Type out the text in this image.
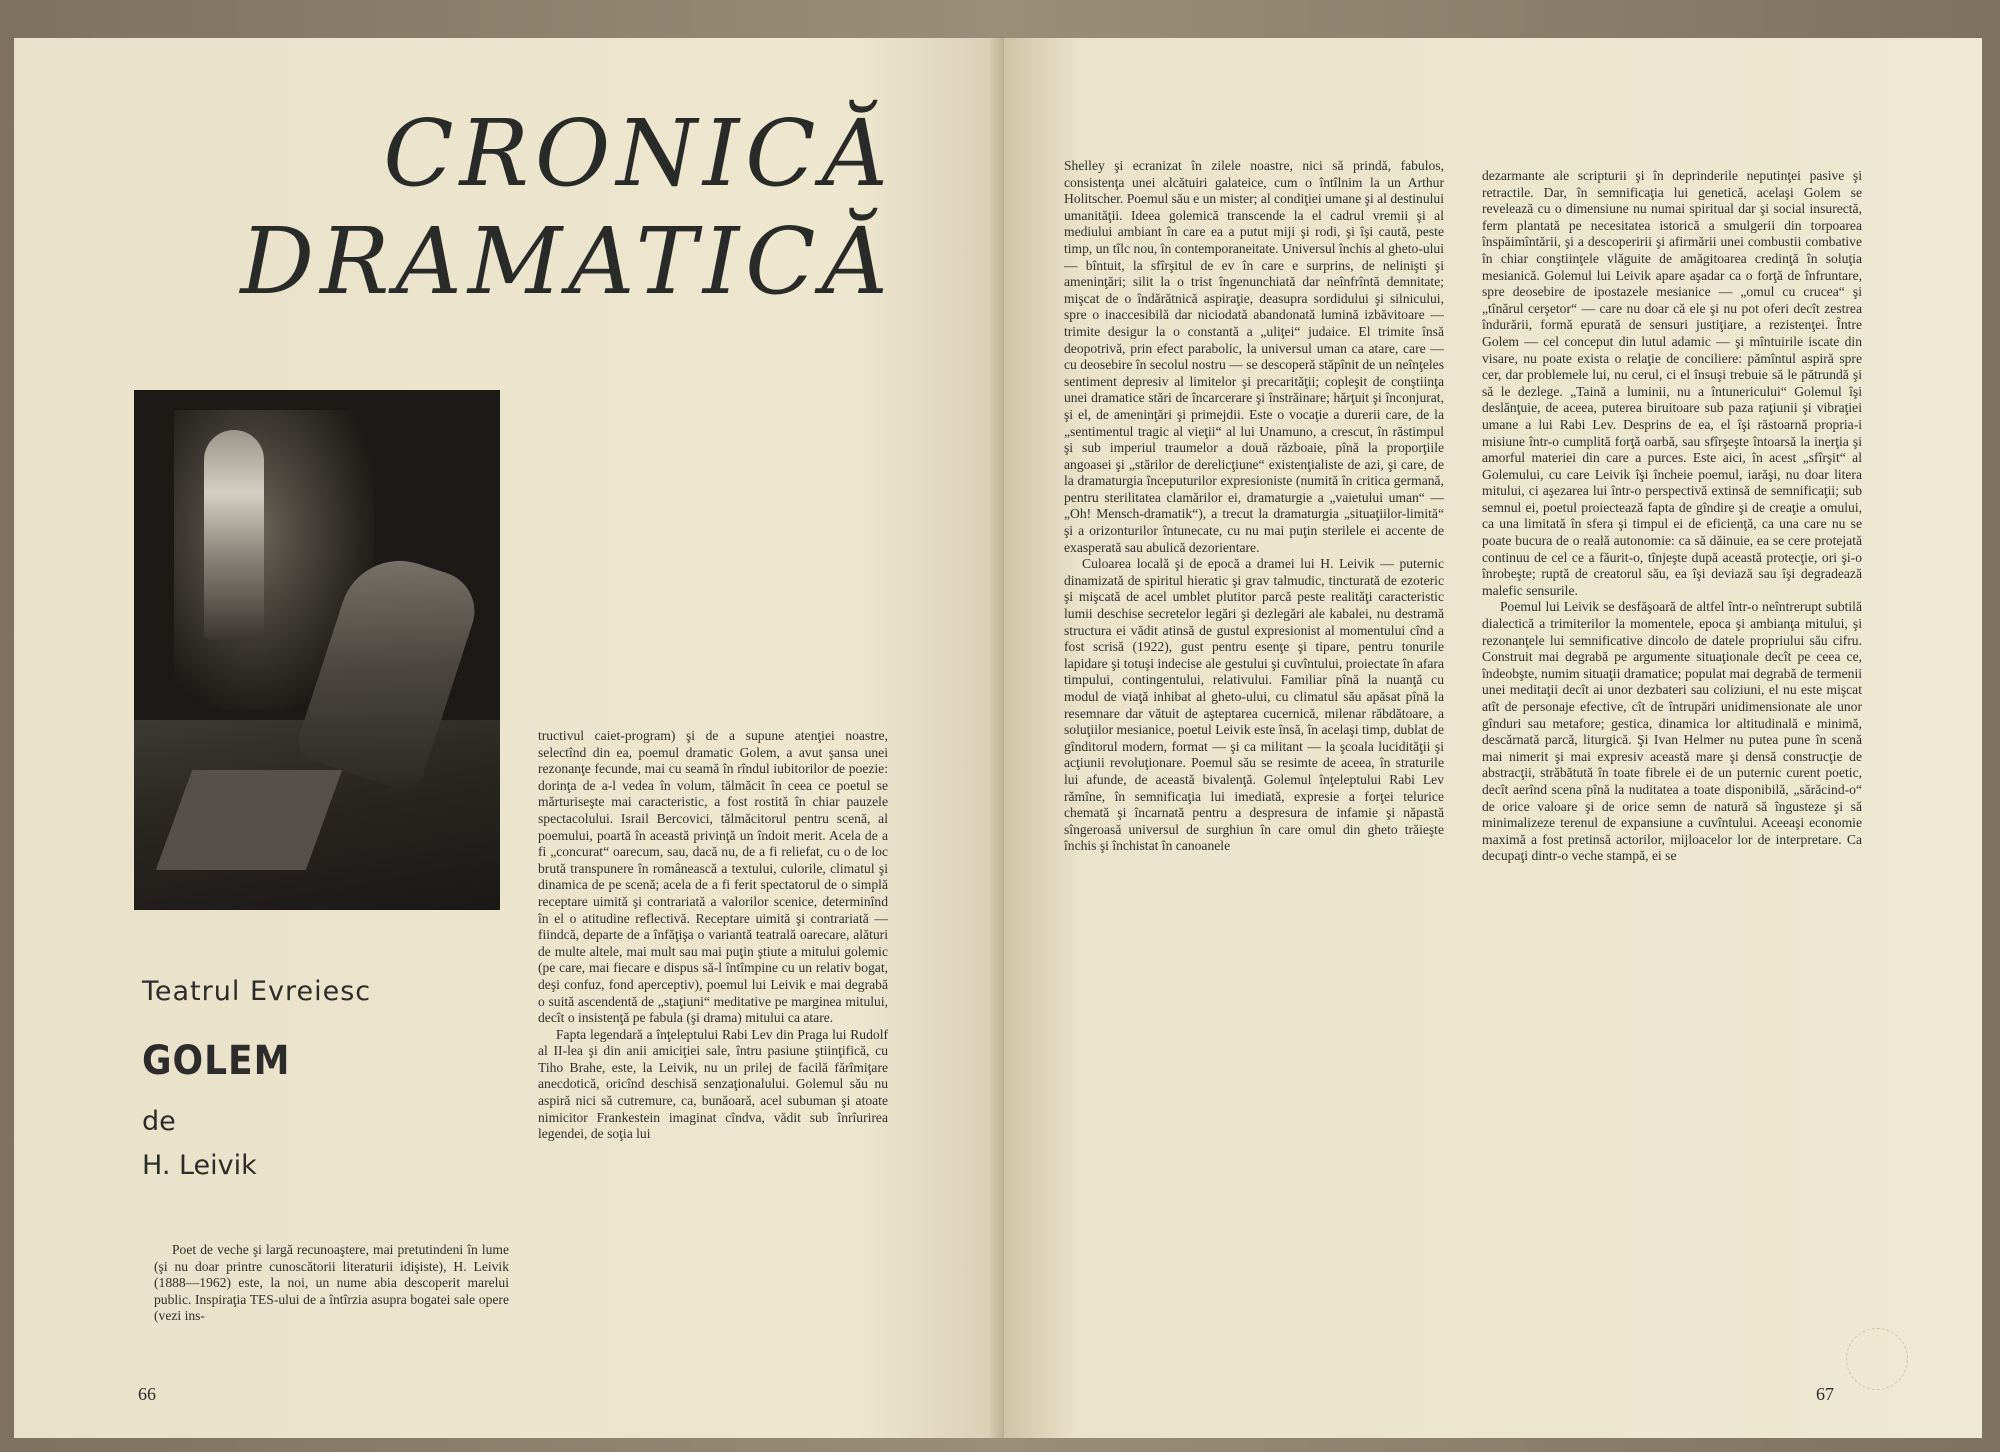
CRONICĂ
DRAMATICĂ
Teatrul Evreiesc
GOLEM
de
H. Leivik

Poet de veche şi largă recunoaştere, mai pretutindeni în lume (şi nu doar printre cunoscătorii literaturii idişiste), H. Leivik (1888—1962) este, la noi, un nume abia descoperit marelui public. Inspiraţia TES-ului de a întîrzia asupra bogatei sale opere (vezi ins-

tructivul caiet-program) şi de a supune atenţiei noastre, selectînd din ea, poemul dramatic Golem, a avut şansa unei rezonanţe fecunde, mai cu seamă în rîndul iubitorilor de poezie: dorinţa de a-l vedea în volum, tălmăcit în ceea ce poetul se mărturiseşte mai caracteristic, a fost rostită în chiar pauzele spectacolului. Israil Bercovici, tălmăcitorul pentru scenă, al poemului, poartă în această privinţă un îndoit merit. Acela de a fi „concurat“ oarecum, sau, dacă nu, de a fi reliefat, cu o de loc brută transpunere în românească a textului, culorile, climatul şi dinamica de pe scenă; acela de a fi ferit spectatorul de o simplă receptare uimită şi contrariată a valorilor scenice, determinînd în el o atitudine reflectivă. Receptare uimită şi contrariată — fiindcă, departe de a înfăţişa o variantă teatrală oarecare, alături de multe altele, mai mult sau mai puţin ştiute a mitului golemic (pe care, mai fiecare e dispus să-l întîmpine cu un relativ bogat, deşi confuz, fond aperceptiv), poemul lui Leivik e mai degrabă o suită ascendentă de „staţiuni“ meditative pe marginea mitului, decît o insistenţă pe fabula (şi drama) mitului ca atare.

Fapta legendară a înţeleptului Rabi Lev din Praga lui Rudolf al II-lea şi din anii amiciţiei sale, întru pasiune ştiinţifică, cu Tiho Brahe, este, la Leivik, nu un prilej de facilă fărîmiţare anecdotică, oricînd deschisă senzaţionalului. Golemul său nu aspiră nici să cutremure, ca, bunăoară, acel subuman şi atoate nimicitor Frankestein imaginat cîndva, vădit sub înrîurirea legendei, de soţia lui

66

Shelley şi ecranizat în zilele noastre, nici să prindă, fabulos, consistenţa unei alcătuiri galateice, cum o întîlnim la un Arthur Holitscher. Poemul său e un mister; al condiţiei umane şi al destinului umanităţii. Ideea golemică transcende la el cadrul vremii şi al mediului ambiant în care ea a putut miji şi rodi, şi îşi caută, peste timp, un tîlc nou, în contemporaneitate. Universul închis al gheto-ului — bîntuit, la sfîrşitul de ev în care e surprins, de nelinişti şi ameninţări; silit la o trist îngenunchiată dar neînfrîntă demnitate; mişcat de o îndărătnică aspiraţie, deasupra sordidului şi silnicului, spre o inaccesibilă dar niciodată abandonată lumină izbăvitoare — trimite desigur la o constantă a „uliţei“ judaice. El trimite însă deopotrivă, prin efect parabolic, la universul uman ca atare, care — cu deosebire în secolul nostru — se descoperă stăpînit de un neînţeles sentiment depresiv al limitelor şi precarităţii; copleşit de conştiinţa unei dramatice stări de încarcerare şi înstrăinare; hărţuit şi înconjurat, şi el, de ameninţări şi primejdii. Este o vocaţie a durerii care, de la „sentimentul tragic al vieţii“ al lui Unamuno, a crescut, în răstimpul şi sub imperiul traumelor a două războaie, pînă la proporţiile angoasei şi „stărilor de derelicţiune“ existenţialiste de azi, şi care, de la dramaturgia începuturilor expresioniste (numită în critica germană, pentru sterilitatea clamărilor ei, dramaturgie a „vaietului uman“ — „Oh! Mensch-dramatik“), a trecut la dramaturgia „situaţiilor-limită“ şi a orizonturilor întunecate, cu nu mai puţin sterilele ei accente de exasperată sau abulică dezorientare.

Culoarea locală şi de epocă a dramei lui H. Leivik — puternic dinamizată de spiritul hieratic şi grav talmudic, tincturată de ezoteric şi mişcată de acel umblet plutitor parcă peste realităţi caracteristic lumii deschise secretelor legări şi dezlegări ale kabalei, nu destramă structura ei vădit atinsă de gustul expresionist al momentului cînd a fost scrisă (1922), gust pentru esenţe şi tipare, pentru tonurile lapidare şi totuşi indecise ale gestului şi cuvîntului, proiectate în afara timpului, contingentului, relativului. Familiar pînă la nuanţă cu modul de viaţă inhibat al gheto-ului, cu climatul său apăsat pînă la resemnare dar vătuit de aşteptarea cucernică, milenar răbdătoare, a soluţiilor mesianice, poetul Leivik este însă, în acelaşi timp, dublat de gînditorul modern, format — şi ca militant — la şcoala lucidităţii şi acţiunii revoluţionare. Poemul său se resimte de aceea, în straturile lui afunde, de această bivalenţă. Golemul înţeleptului Rabi Lev rămîne, în semnificaţia lui imediată, expresie a forţei telurice chemată şi încarnată pentru a despresura de infamie şi năpastă sîngeroasă universul de surghiun în care omul din gheto trăieşte închis şi închistat în canoanele

dezarmante ale scripturii şi în deprinderile neputinţei pasive şi retractile. Dar, în semnificaţia lui genetică, acelaşi Golem se revelează cu o dimensiune nu numai spiritual dar şi social insurectă, ferm plantată pe necesitatea istorică a smulgerii din torpoarea înspăimîntării, şi a descoperirii şi afirmării unei combustii combative în chiar conştiinţele vlăguite de amăgitoarea credinţă în soluţia mesianică. Golemul lui Leivik apare aşadar ca o forţă de înfruntare, spre deosebire de ipostazele mesianice — „omul cu crucea“ şi „tînărul cerşetor“ — care nu doar că ele şi nu pot oferi decît zestrea îndurării, formă epurată de sensuri justiţiare, a rezistenţei. Între Golem — cel conceput din lutul adamic — şi mîntuirile iscate din visare, nu poate exista o relaţie de conciliere: pămîntul aspiră spre cer, dar problemele lui, nu cerul, ci el însuşi trebuie să le pătrundă şi să le dezlege. „Taină a luminii, nu a întunericului“ Golemul îşi deslănţuie, de aceea, puterea biruitoare sub paza raţiunii şi vibraţiei umane a lui Rabi Lev. Desprins de ea, el îşi răstoarnă propria-i misiune într-o cumplită forţă oarbă, sau sfîrşeşte întoarsă la inerţia şi amorful materiei din care a purces. Este aici, în acest „sfîrşit“ al Golemului, cu care Leivik îşi încheie poemul, iarăşi, nu doar litera mitului, ci aşezarea lui într-o perspectivă extinsă de semnificaţii; sub semnul ei, poetul proiectează fapta de gîndire şi de creaţie a omului, ca una limitată în sfera şi timpul ei de eficienţă, ca una care nu se poate bucura de o reală autonomie: ca să dăinuie, ea se cere protejată continuu de cel ce a făurit-o, tînjeşte după această protecţie, ori şi-o înrobeşte; ruptă de creatorul său, ea îşi deviază sau îşi degradează malefic sensurile.

Poemul lui Leivik se desfăşoară de altfel într-o neîntrerupt subtilă dialectică a trimiterilor la momentele, epoca şi ambianţa mitului, şi rezonanţele lui semnificative dincolo de datele propriului său cifru. Construit mai degrabă pe argumente situaţionale decît pe ceea ce, îndeobşte, numim situaţii dramatice; populat mai degrabă de termenii unei meditaţii decît ai unor dezbateri sau coliziuni, el nu este mişcat atît de personaje efective, cît de întrupări unidimensionate ale unor gînduri sau metafore; gestica, dinamica lor altitudinală e minimă, descărnată parcă, liturgică. Şi Ivan Helmer nu putea pune în scenă mai nimerit şi mai expresiv această mare şi densă construcţie de abstracţii, străbătută în toate fibrele ei de un puternic curent poetic, decît aerînd scena pînă la nuditatea a toate disponibilă, „sărăcind-o“ de orice valoare şi de orice semn de natură să îngusteze şi să minimalizeze terenul de expansiune a cuvîntului. Aceeaşi economie maximă a fost pretinsă actorilor, mijloacelor lor de interpretare. Ca decupaţi dintr-o veche stampă, ei se

67
